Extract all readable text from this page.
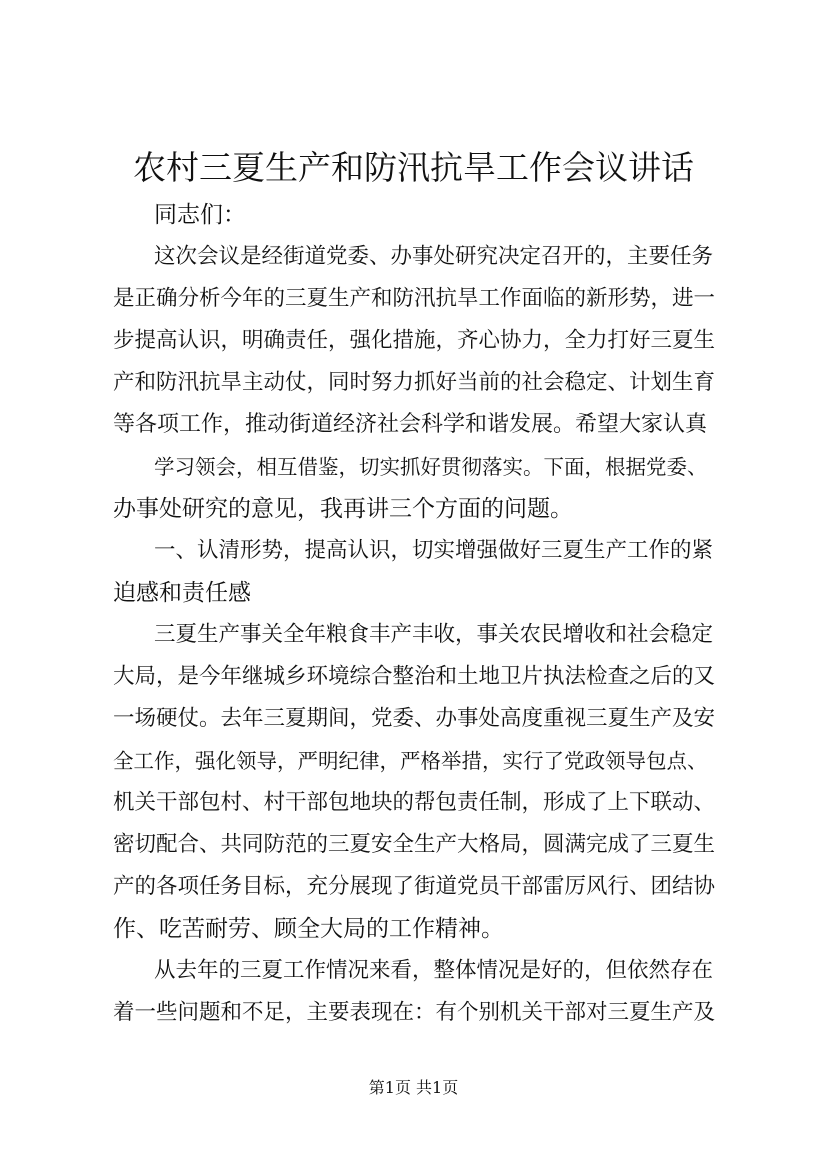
农村三夏生产和防汛抗旱工作会议讲话
同志们：
这次会议是经街道党委、办事处研究决定召开的，主要任务
是正确分析今年的三夏生产和防汛抗旱工作面临的新形势，进一
步提高认识，明确责任，强化措施，齐心协力，全力打好三夏生
产和防汛抗旱主动仗，同时努力抓好当前的社会稳定、计划生育
等各项工作，推动街道经济社会科学和谐发展。希望大家认真
学习领会，相互借鉴，切实抓好贯彻落实。下面，根据党委、
办事处研究的意见，我再讲三个方面的问题。
一、认清形势，提高认识，切实增强做好三夏生产工作的紧
迫感和责任感
三夏生产事关全年粮食丰产丰收，事关农民增收和社会稳定
大局，是今年继城乡环境综合整治和土地卫片执法检查之后的又
一场硬仗。去年三夏期间，党委、办事处高度重视三夏生产及安
全工作，强化领导，严明纪律，严格举措，实行了党政领导包点、
机关干部包村、村干部包地块的帮包责任制，形成了上下联动、
密切配合、共同防范的三夏安全生产大格局，圆满完成了三夏生
产的各项任务目标，充分展现了街道党员干部雷厉风行、团结协
作、吃苦耐劳、顾全大局的工作精神。
从去年的三夏工作情况来看，整体情况是好的，但依然存在
着一些问题和不足，主要表现在：有个别机关干部对三夏生产及
第1页 共1页
